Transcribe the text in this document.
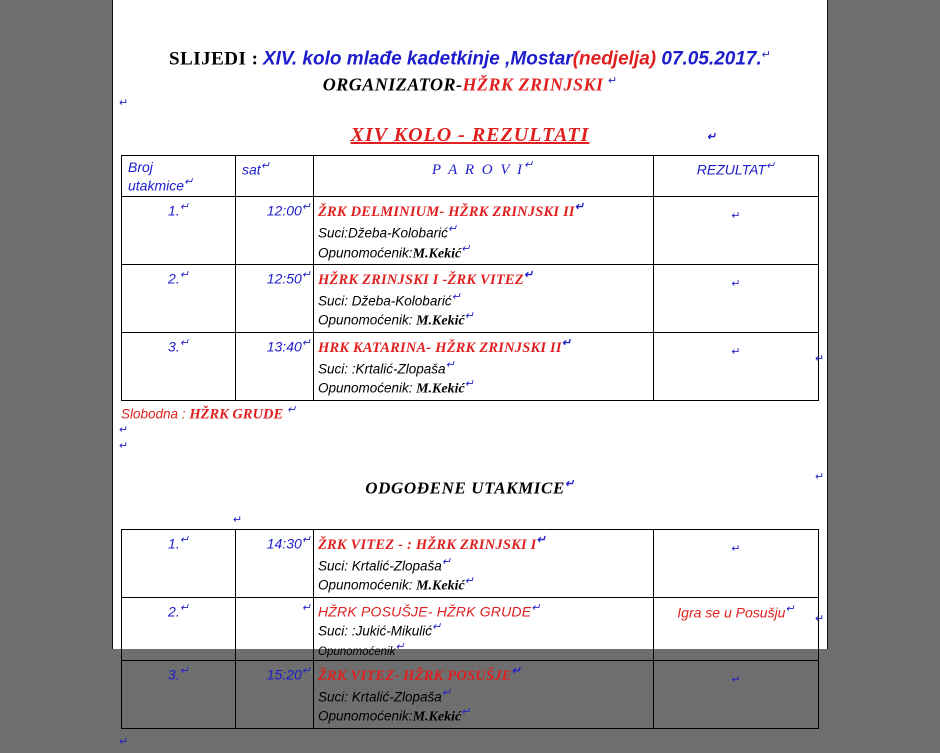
SLIJEDI : XIV. kolo mlađe kadetkinje ,Mostar(nedjelja) 07.05.2017.↵
ORGANIZATOR-HŽRK ZRINJSKI ↵
↵
XIV KOLO - REZULTATI	↵
Broj
utakmice↵	sat↵	P A R O V I↵	REZULTAT↵
1.↵	12:00↵	ŽRK DELMINIUM- HŽRK ZRINJSKI II↵

Suci:Džeba-Kolobarić↵

Opunomoćenik:M.Kekić↵	↵
2.↵	12:50↵	HŽRK ZRINJSKI I -ŽRK VITEZ↵

Suci: Džeba-Kolobarić↵

Opunomoćenik: M.Kekić↵	↵
3.↵	13:40↵	HRK KATARINA- HŽRK ZRINJSKI II↵

Suci: :Krtalić-Zlopaša↵

Opunomoćenik: M.Kekić↵	↵
Slobodna : HŽRK GRUDE ↵
↵
↵
ODGOĐENE UTAKMICE↵
↵
1.↵	14:30↵	ŽRK VITEZ - : HŽRK ZRINJSKI I↵

Suci: Krtalić-Zlopaša↵

Opunomoćenik: M.Kekić↵	↵
2.↵	↵	HŽRK POSUŠJE- HŽRK GRUDE↵

Suci: :Jukić-Mikulić↵

Opunomoćenik↵	Igra se u Posušju↵
3.↵	15:20↵	ŽRK VITEZ- HŽRK POSUŠJE↵

Suci: Krtalić-Zlopaša↵

Opunomoćenik:M.Kekić↵	↵
↵
↵
↵
↵
